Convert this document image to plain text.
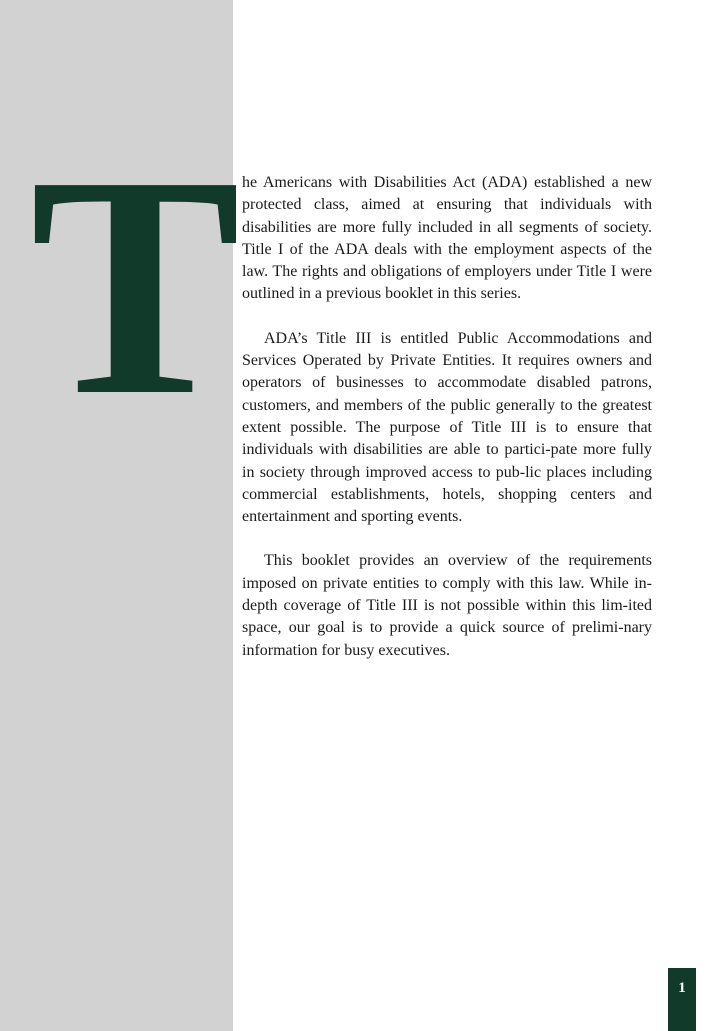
T he Americans with Disabilities Act (ADA) established a new protected class, aimed at ensuring that individuals with disabilities are more fully included in all segments of society. Title I of the ADA deals with the employment aspects of the law. The rights and obligations of employers under Title I were outlined in a previous booklet in this series.

ADA’s Title III is entitled Public Accommodations and Services Operated by Private Entities. It requires owners and operators of businesses to accommodate disabled patrons, customers, and members of the public generally to the greatest extent possible. The purpose of Title III is to ensure that individuals with disabilities are able to partici-pate more fully in society through improved access to pub-lic places including commercial establishments, hotels, shopping centers and entertainment and sporting events.

This booklet provides an overview of the requirements imposed on private entities to comply with this law. While in-depth coverage of Title III is not possible within this lim-ited space, our goal is to provide a quick source of prelimi-nary information for busy executives.

1
